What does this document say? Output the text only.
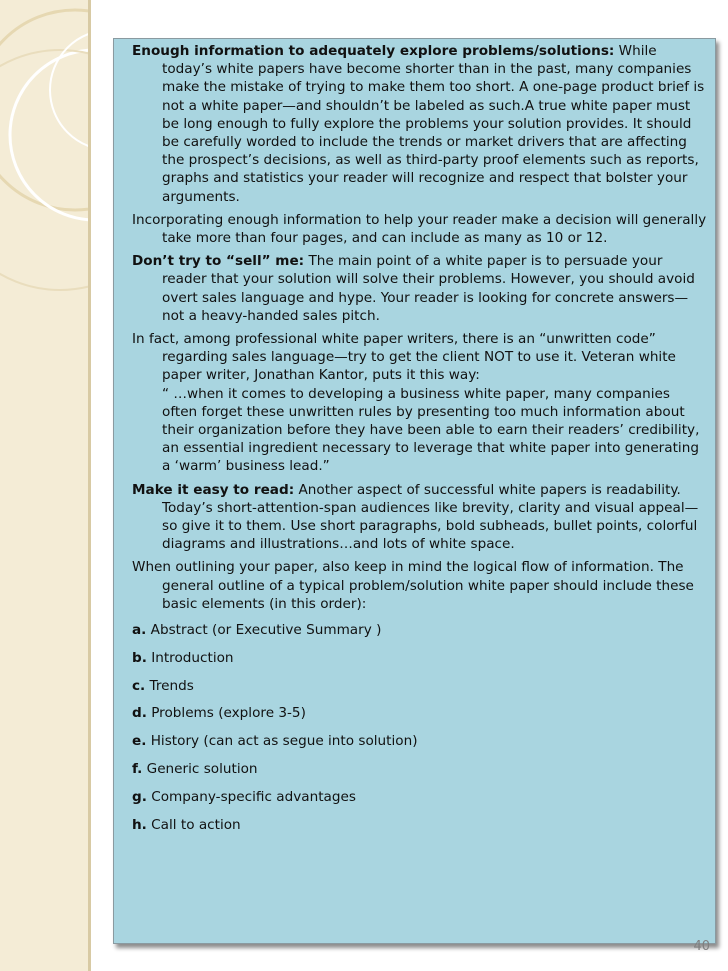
Enough information to adequately explore problems/solutions: While today’s white papers have become shorter than in the past, many companies make the mistake of trying to make them too short. A one-page product brief is not a white paper—and shouldn’t be labeled as such.A true white paper must be long enough to fully explore the problems your solution provides. It should be carefully worded to include the trends or market drivers that are affecting the prospect’s decisions, as well as third-party proof elements such as reports, graphs and statistics your reader will recognize and respect that bolster your arguments.

Incorporating enough information to help your reader make a decision will generally take more than four pages, and can include as many as 10 or 12.

Don’t try to “sell” me: The main point of a white paper is to persuade your reader that your solution will solve their problems. However, you should avoid overt sales language and hype. Your reader is looking for concrete answers—not a heavy-handed sales pitch.

In fact, among professional white paper writers, there is an “unwritten code” regarding sales language—try to get the client NOT to use it. Veteran white paper writer, Jonathan Kantor, puts it this way:
“ …when it comes to developing a business white paper, many companies often forget these unwritten rules by presenting too much information about their organization before they have been able to earn their readers’ credibility, an essential ingredient necessary to leverage that white paper into generating a ‘warm’ business lead.”

Make it easy to read: Another aspect of successful white papers is readability. Today’s short-attention-span audiences like brevity, clarity and visual appeal—so give it to them. Use short paragraphs, bold subheads, bullet points, colorful diagrams and illustrations…and lots of white space.

When outlining your paper, also keep in mind the logical flow of information. The general outline of a typical problem/solution white paper should include these basic elements (in this order):

a. Abstract (or Executive Summary )

b. Introduction

c. Trends

d. Problems (explore 3-5)

e. History (can act as segue into solution)

f. Generic solution

g. Company-specific advantages

h. Call to action

40
